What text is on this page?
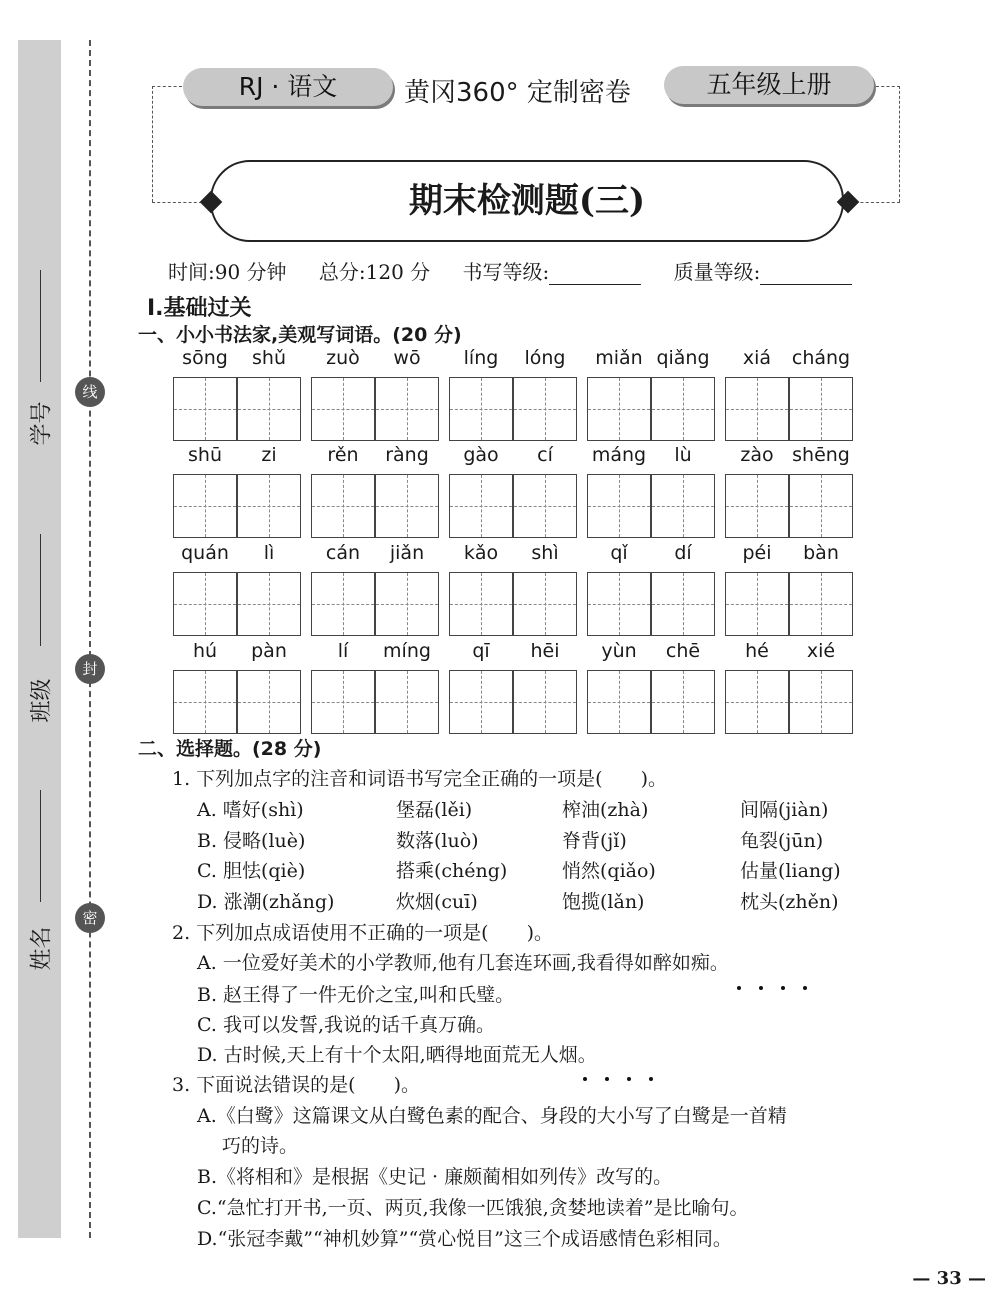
线
封
密
学号
班级
姓名
RJ · 语文	黄冈360° 定制密卷	五年级上册
期末检测题(三)
时间:90 分钟 总分:120 分 书写等级:	质量等级:
Ⅰ.基础过关
一、小小书法家,美观写词语。(20 分)
sōng	shǔ	zuò	wō	líng	lóng	miǎn qiǎng	xiá	cháng
shū	zi	rěn	ràng	gào	cí	máng	lù	zào shēng
quán	lì	cán	jiǎn	kǎo	shì	qǐ	dí	péi	bàn
hú	pàn	lí	míng	qī	hēi	yùn	chē	hé	xié
二、选择题。(28 分)
1. 下列加点字的注音和词语书写完全正确的一项是(　　)。
A. 嗜好(shì)	堡磊(lěi)	榨油(zhà)	间隔(jiàn)
B. 侵略(luè)	数落(luò)	脊背(jǐ)	龟裂(jūn)
C. 胆怯(qiè)	搭乘(chéng)	悄然(qiǎo)	估量(liang)
D. 涨潮(zhǎng)	炊烟(cuī)	饱揽(lǎn)	枕头(zhěn)
2. 下列加点成语使用不正确的一项是(　　)。
A. 一位爱好美术的小学教师,他有几套连环画,我看得如醉如痴。
B. 赵王得了一件无价之宝,叫和氏璧。
C. 我可以发誓,我说的话千真万确。
D. 古时候,天上有十个太阳,晒得地面荒无人烟。
3. 下面说法错误的是(　　)。
A.《白鹭》这篇课文从白鹭色素的配合、身段的大小写了白鹭是一首精
巧的诗。
B.《将相和》是根据《史记 · 廉颇蔺相如列传》改写的。
C.“急忙打开书,一页、两页,我像一匹饿狼,贪婪地读着”是比喻句。
D.“张冠李戴”“神机妙算”“赏心悦目”这三个成语感情色彩相同。
— 33 —
